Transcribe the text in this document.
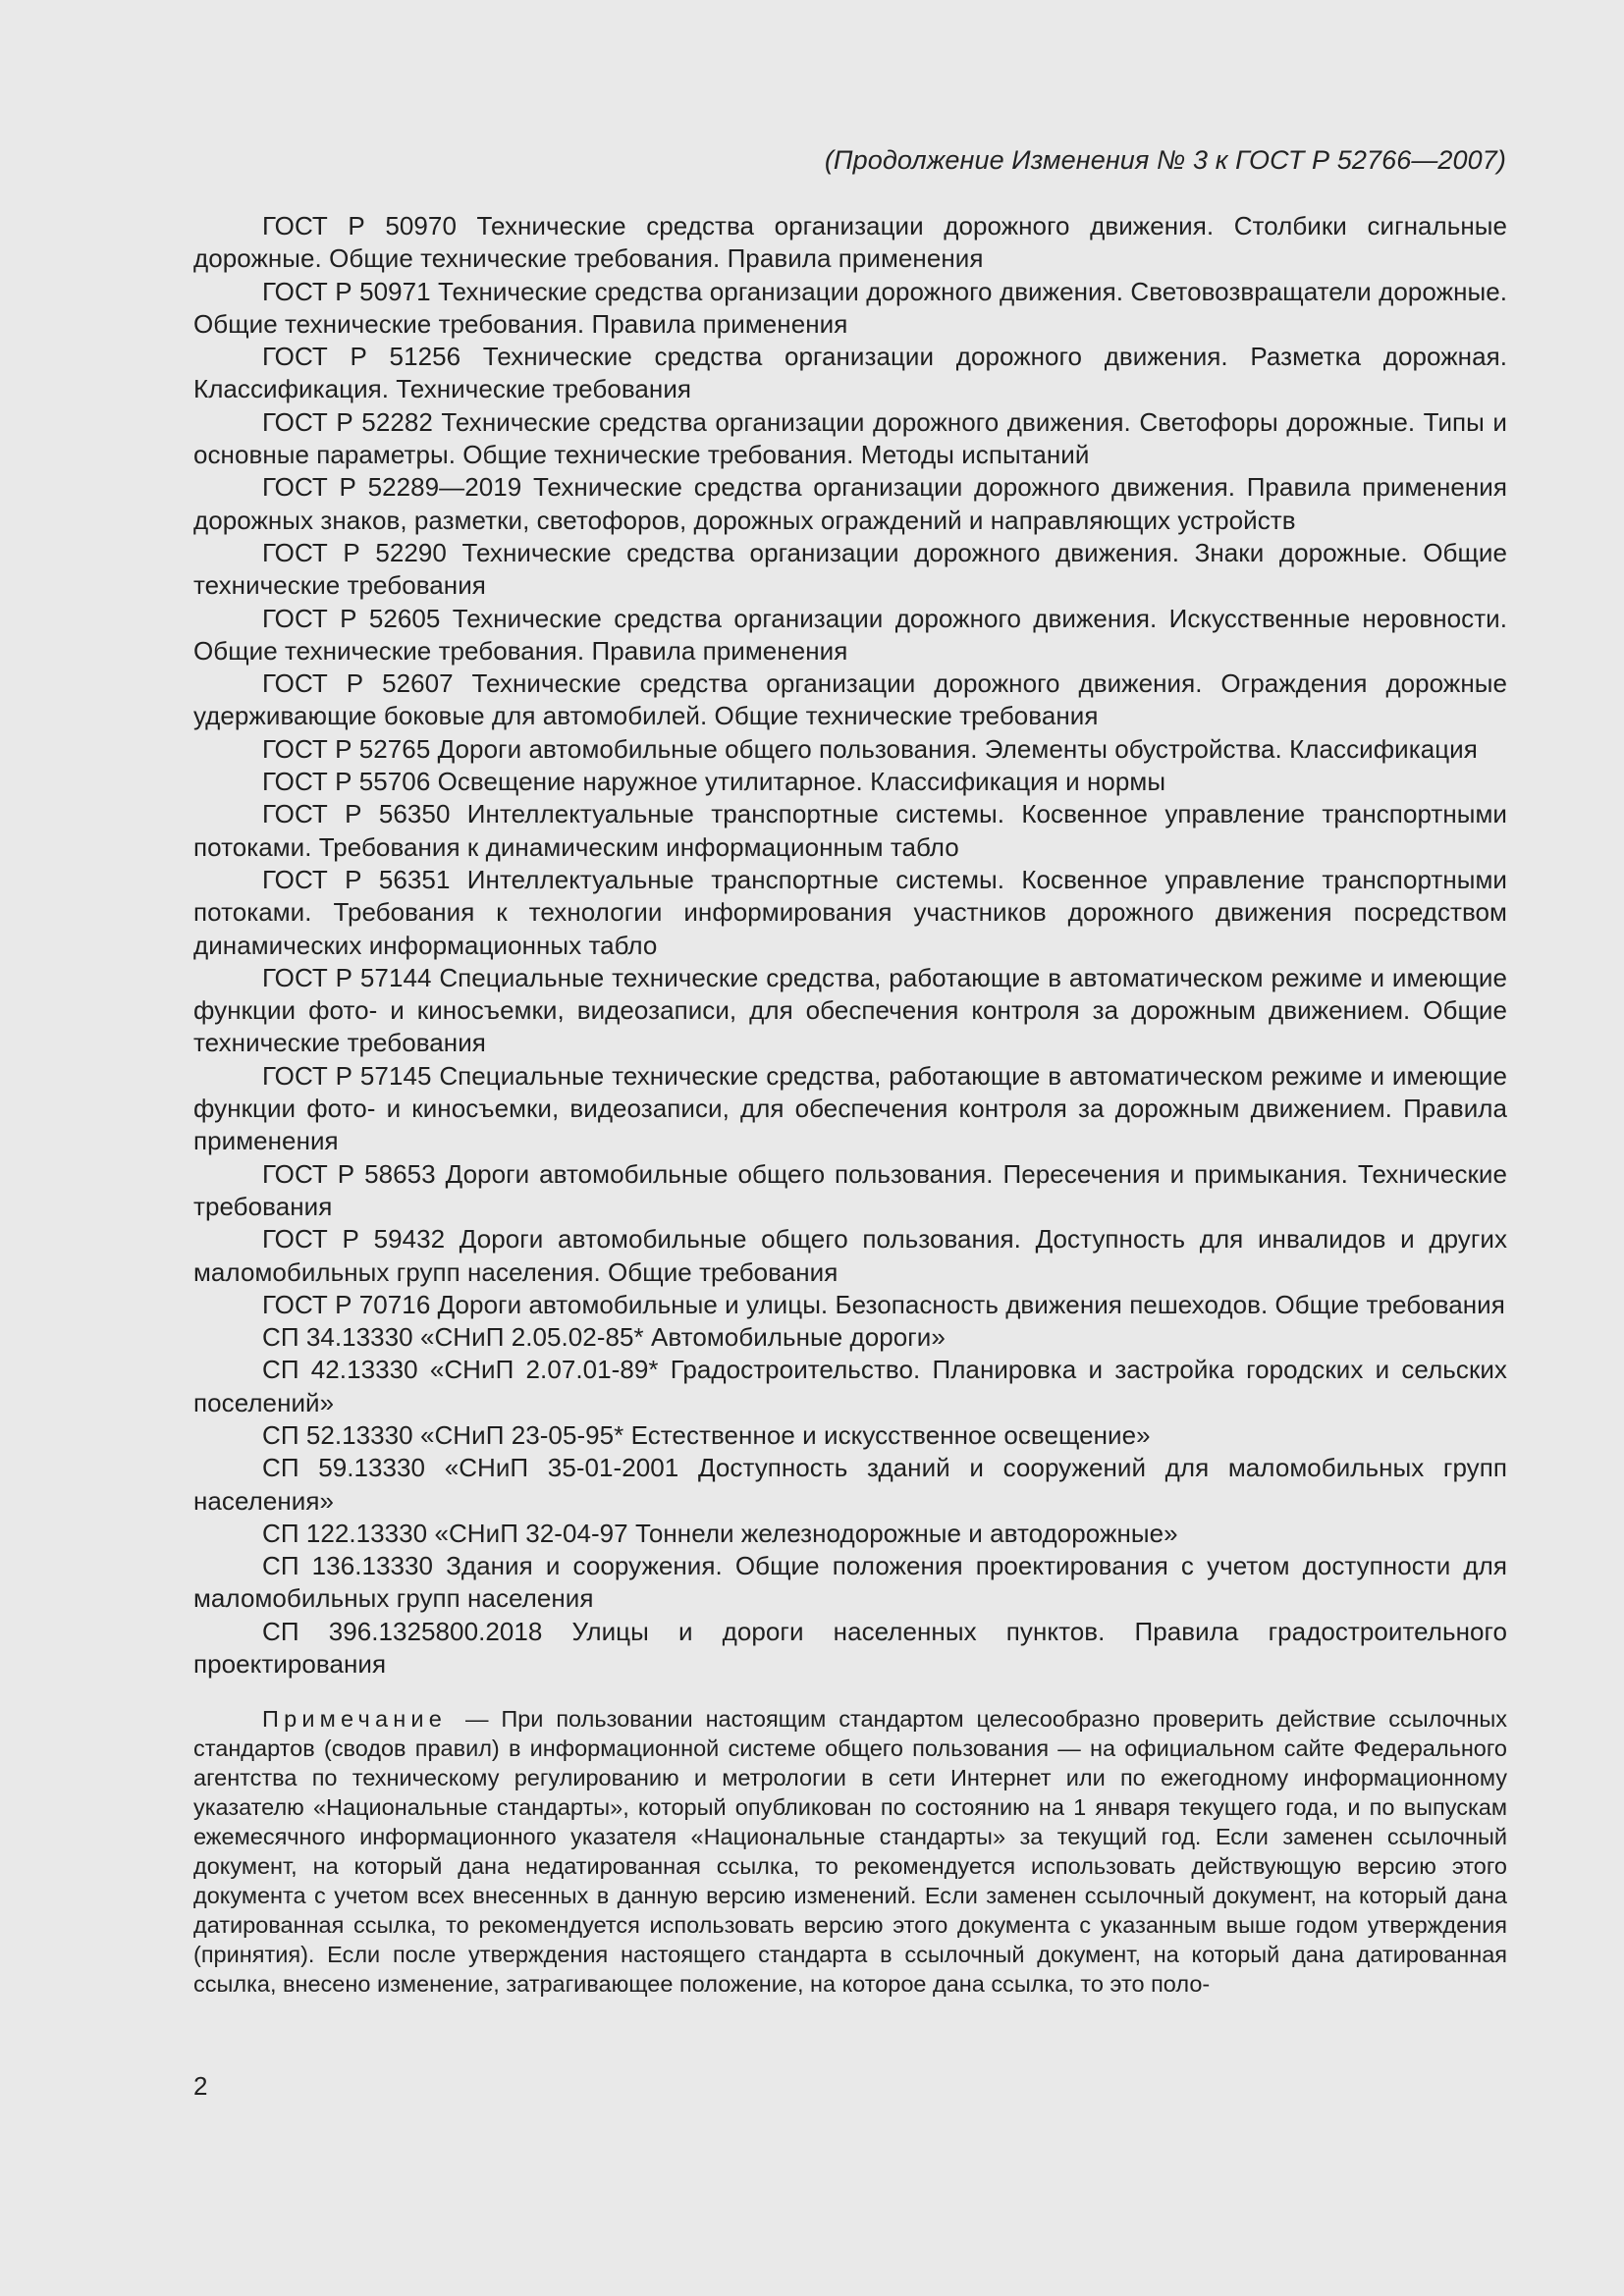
(Продолжение Изменения № 3 к ГОСТ Р 52766—2007)

ГОСТ Р 50970 Технические средства организации дорожного движения. Столбики сигнальные дорожные. Общие технические требования. Правила применения

ГОСТ Р 50971 Технические средства организации дорожного движения. Световозвращатели дорожные. Общие технические требования. Правила применения

ГОСТ Р 51256 Технические средства организации дорожного движения. Разметка дорожная. Классификация. Технические требования

ГОСТ Р 52282 Технические средства организации дорожного движения. Светофоры дорожные. Типы и основные параметры. Общие технические требования. Методы испытаний

ГОСТ Р 52289—2019 Технические средства организации дорожного движения. Правила применения дорожных знаков, разметки, светофоров, дорожных ограждений и направляющих устройств

ГОСТ Р 52290 Технические средства организации дорожного движения. Знаки дорожные. Общие технические требования

ГОСТ Р 52605 Технические средства организации дорожного движения. Искусственные неровности. Общие технические требования. Правила применения

ГОСТ Р 52607 Технические средства организации дорожного движения. Ограждения дорожные удерживающие боковые для автомобилей. Общие технические требования

ГОСТ Р 52765 Дороги автомобильные общего пользования. Элементы обустройства. Классификация

ГОСТ Р 55706 Освещение наружное утилитарное. Классификация и нормы

ГОСТ Р 56350 Интеллектуальные транспортные системы. Косвенное управление транспортными потоками. Требования к динамическим информационным табло

ГОСТ Р 56351 Интеллектуальные транспортные системы. Косвенное управление транспортными потоками. Требования к технологии информирования участников дорожного движения посредством динамических информационных табло

ГОСТ Р 57144 Специальные технические средства, работающие в автоматическом режиме и имеющие функции фото- и киносъемки, видеозаписи, для обеспечения контроля за дорожным движением. Общие технические требования

ГОСТ Р 57145 Специальные технические средства, работающие в автоматическом режиме и имеющие функции фото- и киносъемки, видеозаписи, для обеспечения контроля за дорожным движением. Правила применения

ГОСТ Р 58653 Дороги автомобильные общего пользования. Пересечения и примыкания. Технические требования

ГОСТ Р 59432 Дороги автомобильные общего пользования. Доступность для инвалидов и других маломобильных групп населения. Общие требования

ГОСТ Р 70716 Дороги автомобильные и улицы. Безопасность движения пешеходов. Общие требования

СП 34.13330 «СНиП 2.05.02-85* Автомобильные дороги»

СП 42.13330 «СНиП 2.07.01-89* Градостроительство. Планировка и застройка городских и сельских поселений»

СП 52.13330 «СНиП 23-05-95* Естественное и искусственное освещение»

СП 59.13330 «СНиП 35-01-2001 Доступность зданий и сооружений для маломобильных групп населения»

СП 122.13330 «СНиП 32-04-97 Тоннели железнодорожные и автодорожные»

СП 136.13330 Здания и сооружения. Общие положения проектирования с учетом доступности для маломобильных групп населения

СП 396.1325800.2018 Улицы и дороги населенных пунктов. Правила градостроительного проектирования

Примечание — При пользовании настоящим стандартом целесообразно проверить действие ссылочных стандартов (сводов правил) в информационной системе общего пользования — на официальном сайте Федерального агентства по техническому регулированию и метрологии в сети Интернет или по ежегодному информационному указателю «Национальные стандарты», который опубликован по состоянию на 1 января текущего года, и по выпускам ежемесячного информационного указателя «Национальные стандарты» за текущий год. Если заменен ссылочный документ, на который дана недатированная ссылка, то рекомендуется использовать действующую версию этого документа с учетом всех внесенных в данную версию изменений. Если заменен ссылочный документ, на который дана датированная ссылка, то рекомендуется использовать версию этого документа с указанным выше годом утверждения (принятия). Если после утверждения настоящего стандарта в ссылочный документ, на который дана датированная ссылка, внесено изменение, затрагивающее положение, на которое дана ссылка, то это поло-

2
